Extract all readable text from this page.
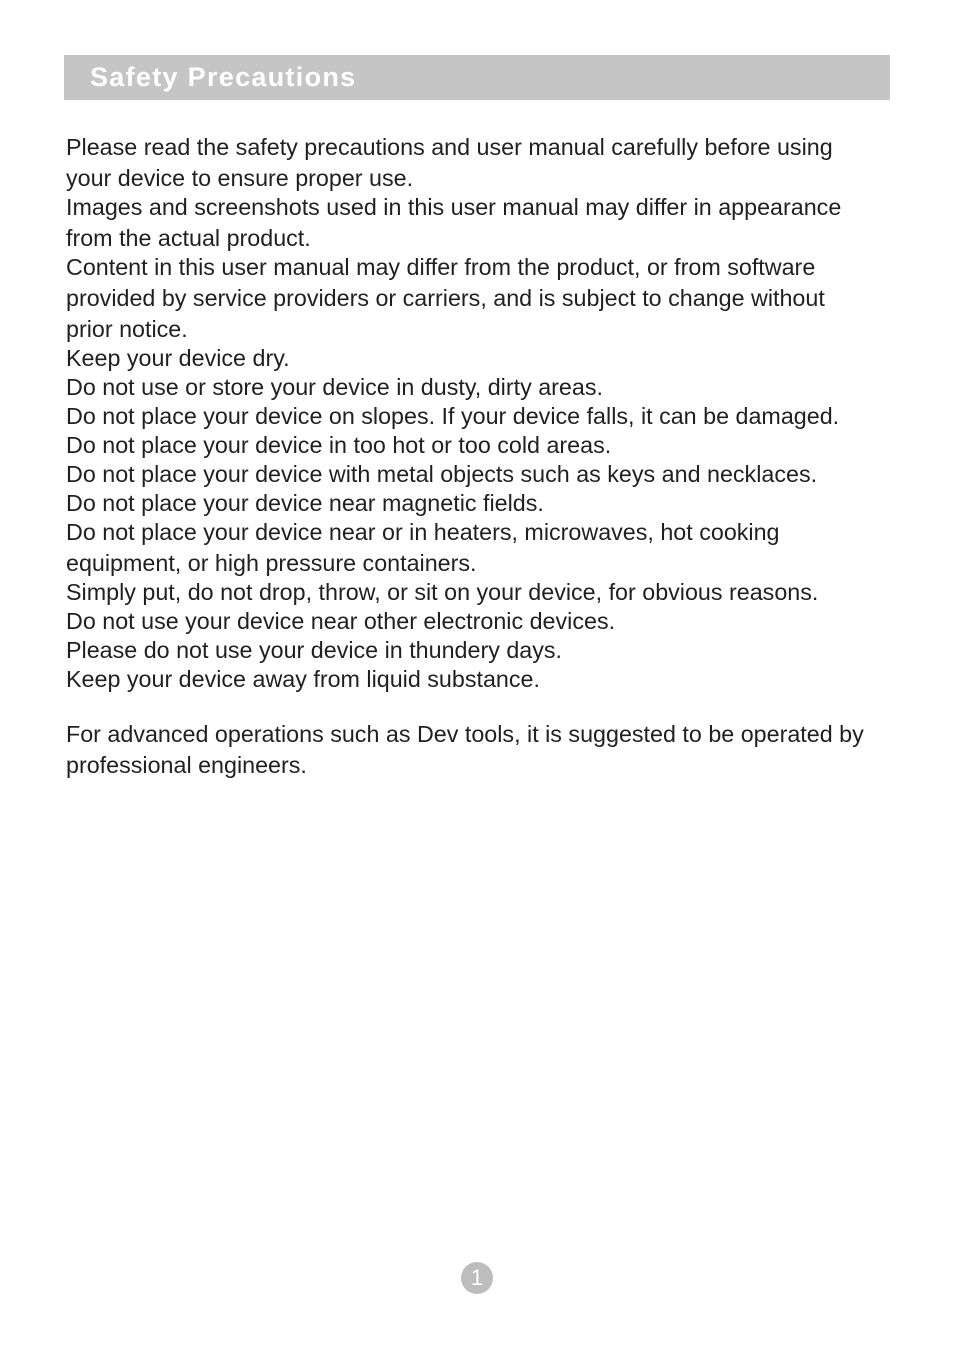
Safety Precautions

Please read the safety precautions and user manual carefully before using your device to ensure proper use.

Images and screenshots used in this user manual may differ in appearance from the actual product.

Content in this user manual may differ from the product, or from software provided by service providers or carriers, and is subject to change without prior notice.

Keep your device dry.

Do not use or store your device in dusty, dirty areas.

Do not place your device on slopes. If your device falls, it can be damaged.

Do not place your device in too hot or too cold areas.

Do not place your device with metal objects such as keys and necklaces.

Do not place your device near magnetic fields.

Do not place your device near or in heaters, microwaves, hot cooking equipment, or high pressure containers.

Simply put, do not drop, throw, or sit on your device, for obvious reasons.

Do not use your device near other electronic devices.

Please do not use your device in thundery days.

Keep your device away from liquid substance.

For advanced operations such as Dev tools, it is suggested to be operated by professional engineers.

1
